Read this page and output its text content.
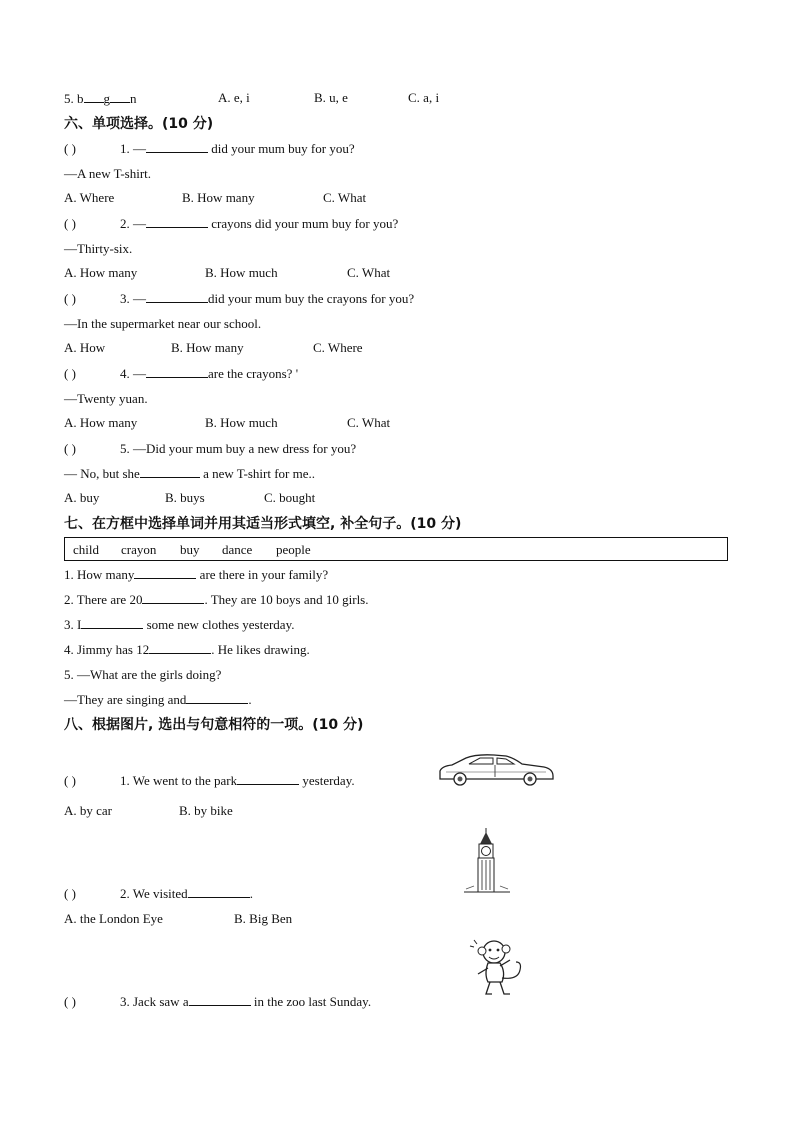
5. b g n	A. e, i	B. u, e	C. a, i
六、单项选择。(10 分)
( )	1. —	did your mum buy for you?
—A new T-shirt.
A. Where	B. How many	C. What
( )	2. —	crayons did your mum buy for you?
—Thirty-six.
A. How many	B. How much	C. What
( )	3. —	did your mum buy the crayons for you?
—In the supermarket near our school.
A. How	B. How many	C. Where
( )	4. —	are the crayons? '
—Twenty yuan.
A. How many	B. How much	C. What
( )	5. —Did your mum buy a new dress for you?
— No, but she	a new T-shirt for me..
A. buy	B. buys	C. bought
七、在方框中选择单词并用其适当形式填空, 补全句子。(10 分)
child crayon buy dance people
1. How many	are there in your family?
2. There are 20	. They are 10 boys and 10 girls.
3. I	some new clothes yesterday.
4. Jimmy has 12	. He likes drawing.
5. —What are the girls doing?
—They are singing and	.
八、根据图片, 选出与句意相符的一项。(10 分)
( )	1. We went to the park	yesterday.
A. by car	B. by bike
( )	2. We visited	.
A. the London Eye	B. Big Ben
( )	3. Jack saw a	in the zoo last Sunday.
